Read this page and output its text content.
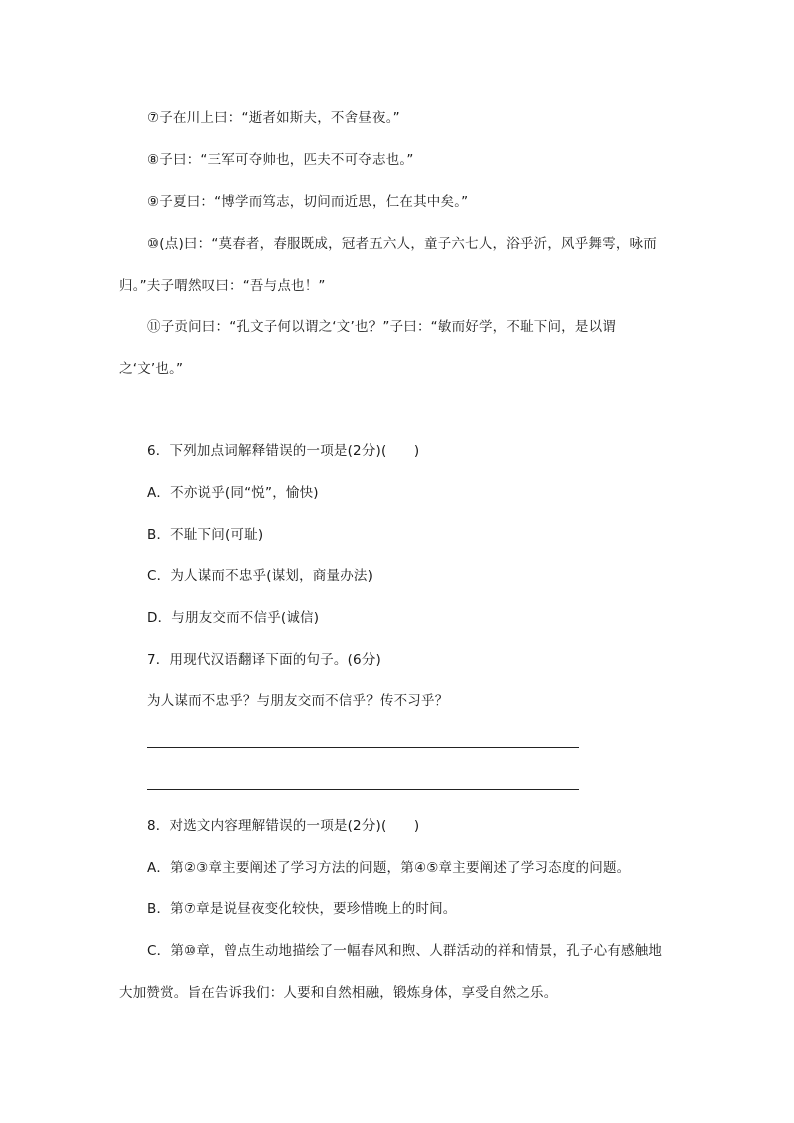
⑦子在川上曰：“逝者如斯夫，不舍昼夜。”
⑧子曰：“三军可夺帅也，匹夫不可夺志也。”
⑨子夏曰：“博学而笃志，切问而近思，仁在其中矣。”
⑩(点)曰：“莫春者，春服既成，冠者五六人，童子六七人，浴乎沂，风乎舞雩，咏而
归。”夫子喟然叹曰：“吾与点也！”
⑪子贡问曰：“孔文子何以谓之‘文’也？”子曰：“敏而好学，不耻下问，是以谓
之‘文’也。”
6．下列加点词解释错误的一项是(2分)(　　)
A．不亦说乎(同“悦”，愉快)
B．不耻下问(可耻)
C．为人谋而不忠乎(谋划，商量办法)
D．与朋友交而不信乎(诚信)
7．用现代汉语翻译下面的句子。(6分)
为人谋而不忠乎？与朋友交而不信乎？传不习乎？
8．对选文内容理解错误的一项是(2分)(　　)
A．第②③章主要阐述了学习方法的问题，第④⑤章主要阐述了学习态度的问题。
B．第⑦章是说昼夜变化较快，要珍惜晚上的时间。
C．第⑩章，曾点生动地描绘了一幅春风和煦、人群活动的祥和情景，孔子心有感触地
大加赞赏。旨在告诉我们：人要和自然相融，锻炼身体，享受自然之乐。
